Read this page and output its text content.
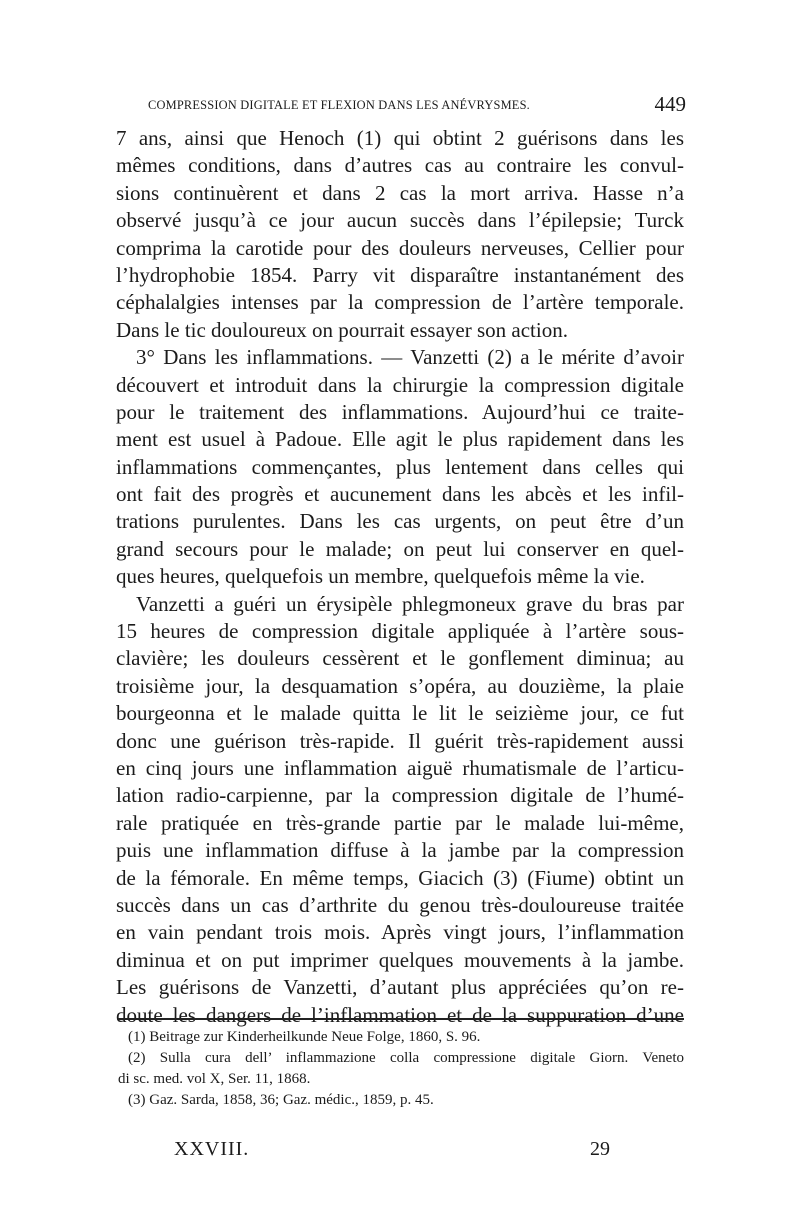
COMPRESSION DIGITALE ET FLEXION DANS LES ANÉVRYSMES.	449
7 ans, ainsi que Henoch (1) qui obtint 2 guérisons dans les
mêmes conditions, dans d’autres cas au contraire les convul-
sions continuèrent et dans 2 cas la mort arriva. Hasse n’a
observé jusqu’à ce jour aucun succès dans l’épilepsie; Turck
comprima la carotide pour des douleurs nerveuses, Cellier pour
l’hydrophobie 1854. Parry vit disparaître instantanément des
céphalalgies intenses par la compression de l’artère temporale.
Dans le tic douloureux on pourrait essayer son action.
3° Dans les inflammations. — Vanzetti (2) a le mérite d’avoir
découvert et introduit dans la chirurgie la compression digitale
pour le traitement des inflammations. Aujourd’hui ce traite-
ment est usuel à Padoue. Elle agit le plus rapidement dans les
inflammations commençantes, plus lentement dans celles qui
ont fait des progrès et aucunement dans les abcès et les infil-
trations purulentes. Dans les cas urgents, on peut être d’un
grand secours pour le malade; on peut lui conserver en quel-
ques heures, quelquefois un membre, quelquefois même la vie.
Vanzetti a guéri un érysipèle phlegmoneux grave du bras par
15 heures de compression digitale appliquée à l’artère sous-
clavière; les douleurs cessèrent et le gonflement diminua; au
troisième jour, la desquamation s’opéra, au douzième, la plaie
bourgeonna et le malade quitta le lit le seizième jour, ce fut
donc une guérison très-rapide. Il guérit très-rapidement aussi
en cinq jours une inflammation aiguë rhumatismale de l’articu-
lation radio-carpienne, par la compression digitale de l’humé-
rale pratiquée en très-grande partie par le malade lui-même,
puis une inflammation diffuse à la jambe par la compression
de la fémorale. En même temps, Giacich (3) (Fiume) obtint un
succès dans un cas d’arthrite du genou très-douloureuse traitée
en vain pendant trois mois. Après vingt jours, l’inflammation
diminua et on put imprimer quelques mouvements à la jambe.
Les guérisons de Vanzetti, d’autant plus appréciées qu’on re-
doute les dangers de l’inflammation et de la suppuration d’une
(1) Beitrage zur Kinderheilkunde Neue Folge, 1860, S. 96.
(2) Sulla cura dell’ inflammazione colla compressione digitale Giorn. Veneto
di sc. med. vol X, Ser. 11, 1868.
(3) Gaz. Sarda, 1858, 36; Gaz. médic., 1859, p. 45.
XXVIII.	29
